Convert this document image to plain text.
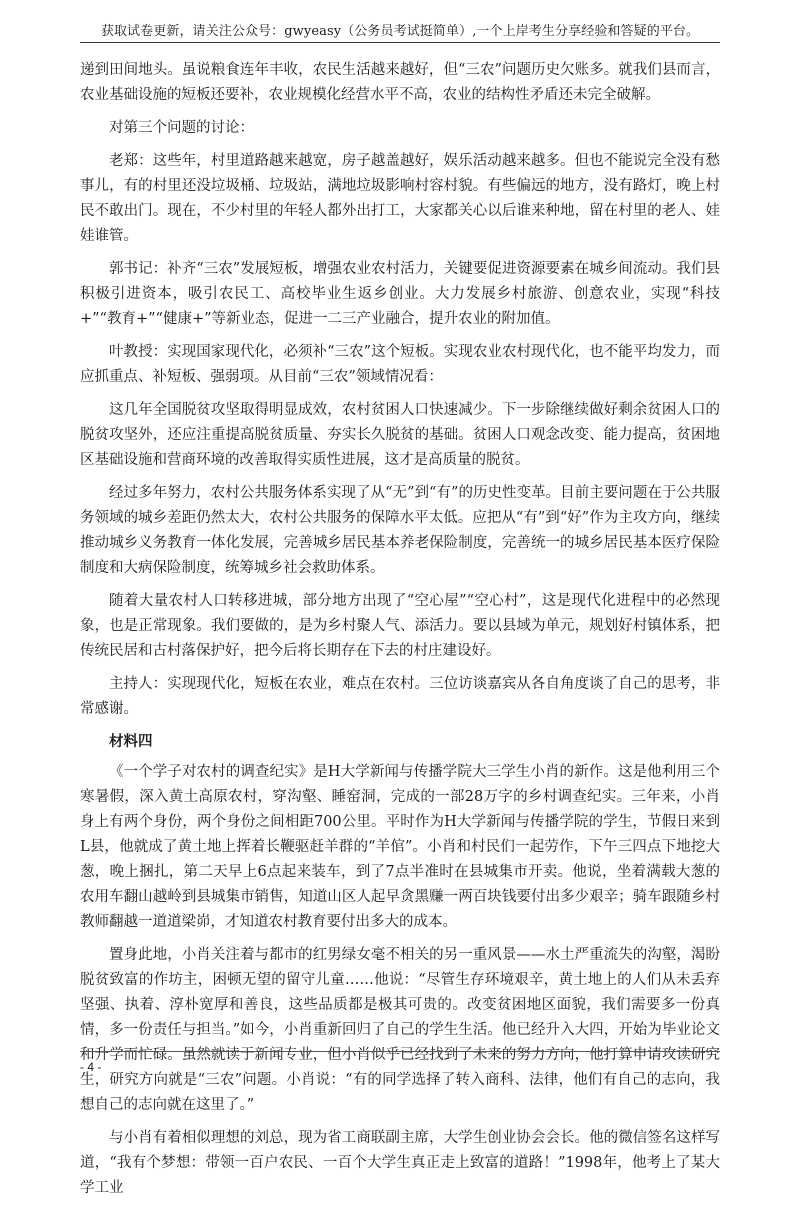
获取试卷更新，请关注公众号：gwyeasy（公务员考试挺简单）,一个上岸考生分享经验和答疑的平台。
递到田间地头。虽说粮食连年丰收，农民生活越来越好，但“三农”问题历史欠账多。就我们县而言，农业基础设施的短板还要补，农业规模化经营水平不高，农业的结构性矛盾还未完全破解。
对第三个问题的讨论：
老郑：这些年，村里道路越来越宽，房子越盖越好，娱乐活动越来越多。但也不能说完全没有愁事儿，有的村里还没垃圾桶、垃圾站，满地垃圾影响村容村貌。有些偏远的地方，没有路灯，晚上村民不敢出门。现在，不少村里的年轻人都外出打工，大家都关心以后谁来种地，留在村里的老人、娃娃谁管。
郭书记：补齐“三农”发展短板，增强农业农村活力，关键要促进资源要素在城乡间流动。我们县积极引进资本，吸引农民工、高校毕业生返乡创业。大力发展乡村旅游、创意农业，实现“科技+”“教育+”“健康+”等新业态，促进一二三产业融合，提升农业的附加值。
叶教授：实现国家现代化，必须补“三农”这个短板。实现农业农村现代化，也不能平均发力，而应抓重点、补短板、强弱项。从目前“三农”领域情况看：
这几年全国脱贫攻坚取得明显成效，农村贫困人口快速减少。下一步除继续做好剩余贫困人口的脱贫攻坚外，还应注重提高脱贫质量、夯实长久脱贫的基础。贫困人口观念改变、能力提高，贫困地区基础设施和营商环境的改善取得实质性进展，这才是高质量的脱贫。
经过多年努力，农村公共服务体系实现了从“无”到“有”的历史性变革。目前主要问题在于公共服务领域的城乡差距仍然太大，农村公共服务的保障水平太低。应把从“有”到“好”作为主攻方向，继续推动城乡义务教育一体化发展，完善城乡居民基本养老保险制度，完善统一的城乡居民基本医疗保险制度和大病保险制度，统筹城乡社会救助体系。
随着大量农村人口转移进城，部分地方出现了“空心屋”“空心村”，这是现代化进程中的必然现象，也是正常现象。我们要做的，是为乡村聚人气、添活力。要以县域为单元，规划好村镇体系，把传统民居和古村落保护好，把今后将长期存在下去的村庄建设好。
主持人：实现现代化，短板在农业，难点在农村。三位访谈嘉宾从各自角度谈了自己的思考，非常感谢。
材料四
《一个学子对农村的调查纪实》是H大学新闻与传播学院大三学生小肖的新作。这是他利用三个寒暑假，深入黄土高原农村，穿沟壑、睡窑洞，完成的一部28万字的乡村调查纪实。三年来，小肖身上有两个身份，两个身份之间相距700公里。平时作为H大学新闻与传播学院的学生，节假日来到L县，他就成了黄土地上挥着长鞭驱赶羊群的“羊倌”。小肖和村民们一起劳作，下午三四点下地挖大葱，晚上捆扎，第二天早上6点起来装车，到了7点半准时在县城集市开卖。他说，坐着满载大葱的农用车翻山越岭到县城集市销售，知道山区人起早贪黑赚一两百块钱要付出多少艰辛；骑车跟随乡村教师翻越一道道梁峁，才知道农村教育要付出多大的成本。
置身此地，小肖关注着与都市的红男绿女毫不相关的另一重风景——水土严重流失的沟壑，渴盼脱贫致富的作坊主，困顿无望的留守儿童……他说：“尽管生存环境艰辛，黄土地上的人们从未丢弃坚强、执着、淳朴宽厚和善良，这些品质都是极其可贵的。改变贫困地区面貌，我们需要多一份真情，多一份责任与担当。”如今，小肖重新回归了自己的学生生活。他已经升入大四，开始为毕业论文和升学而忙碌。虽然就读于新闻专业，但小肖似乎已经找到了未来的努力方向，他打算申请攻读研究生，研究方向就是“三农”问题。小肖说：“有的同学选择了转入商科、法律，他们有自己的志向，我想自己的志向就在这里了。”
与小肖有着相似理想的刘总，现为省工商联副主席，大学生创业协会会长。他的微信签名这样写道，“我有个梦想：带领一百户农民、一百个大学生真正走上致富的道路！”1998年，他考上了某大学工业
- 4 -
